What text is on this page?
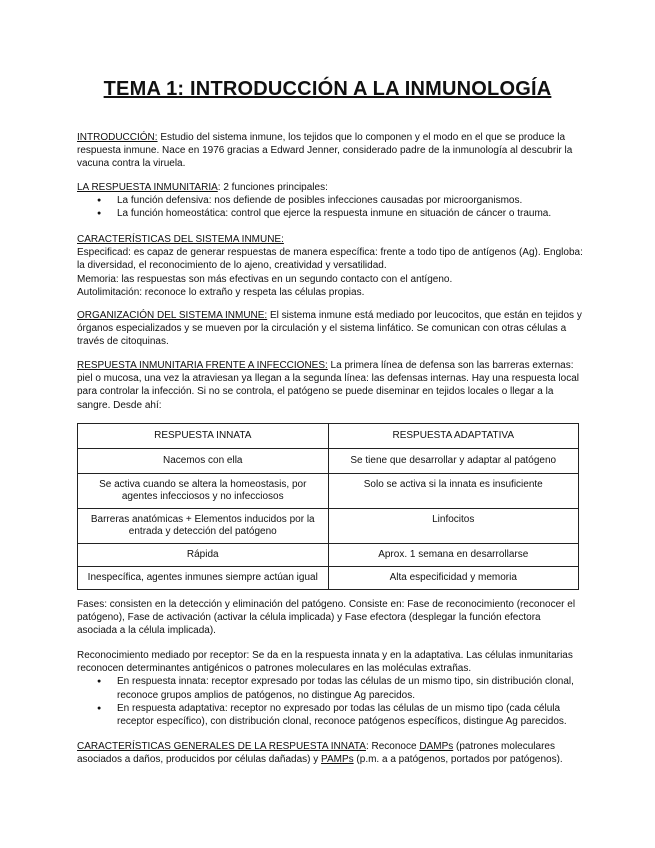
TEMA 1: INTRODUCCIÓN A LA INMUNOLOGÍA
INTRODUCCIÓN: Estudio del sistema inmune, los tejidos que lo componen y el modo en el que se produce la respuesta inmune. Nace en 1976 gracias a Edward Jenner, considerado padre de la inmunología al descubrir la vacuna contra la viruela.
LA RESPUESTA INMUNITARIA: 2 funciones principales:
● La función defensiva: nos defiende de posibles infecciones causadas por microorganismos.
● La función homeostática: control que ejerce la respuesta inmune en situación de cáncer o trauma.
CARACTERÍSTICAS DEL SISTEMA INMUNE:
Especificad: es capaz de generar respuestas de manera específica: frente a todo tipo de antígenos (Ag). Engloba: la diversidad, el reconocimiento de lo ajeno, creatividad y versatilidad.
Memoria: las respuestas son más efectivas en un segundo contacto con el antígeno.
Autolimitación: reconoce lo extraño y respeta las células propias.
ORGANIZACIÓN DEL SISTEMA INMUNE: El sistema inmune está mediado por leucocitos, que están en tejidos y órganos especializados y se mueven por la circulación y el sistema linfático. Se comunican con otras células a través de citoquinas.
RESPUESTA INMUNITARIA FRENTE A INFECCIONES: La primera línea de defensa son las barreras externas: piel o mucosa, una vez la atraviesan ya llegan a la segunda línea: las defensas internas. Hay una respuesta local para controlar la infección. Si no se controla, el patógeno se puede diseminar en tejidos locales o llegar a la sangre. Desde ahí:
RESPUESTA INNATA	RESPUESTA ADAPTATIVA
Nacemos con ella	Se tiene que desarrollar y adaptar al patógeno
Se activa cuando se altera la homeostasis, por agentes infecciosos y no infecciosos	Solo se activa si la innata es insuficiente
Barreras anatómicas + Elementos inducidos por la entrada y detección del patógeno	Linfocitos
Rápida	Aprox. 1 semana en desarrollarse
Inespecífica, agentes inmunes siempre actúan igual	Alta especificidad y memoria
Fases: consisten en la detección y eliminación del patógeno. Consiste en: Fase de reconocimiento (reconocer el patógeno), Fase de activación (activar la célula implicada) y Fase efectora (desplegar la función efectora asociada a la célula implicada).
Reconocimiento mediado por receptor: Se da en la respuesta innata y en la adaptativa. Las células inmunitarias reconocen determinantes antigénicos o patrones moleculares en las moléculas extrañas.
● En respuesta innata: receptor expresado por todas las células de un mismo tipo, sin distribución clonal, reconoce grupos amplios de patógenos, no distingue Ag parecidos.
● En respuesta adaptativa: receptor no expresado por todas las células de un mismo tipo (cada célula receptor específico), con distribución clonal, reconoce patógenos específicos, distingue Ag parecidos.
CARACTERÍSTICAS GENERALES DE LA RESPUESTA INNATA: Reconoce DAMPs (patrones moleculares asociados a daños, producidos por células dañadas) y PAMPs (p.m. a a patógenos, portados por patógenos).
